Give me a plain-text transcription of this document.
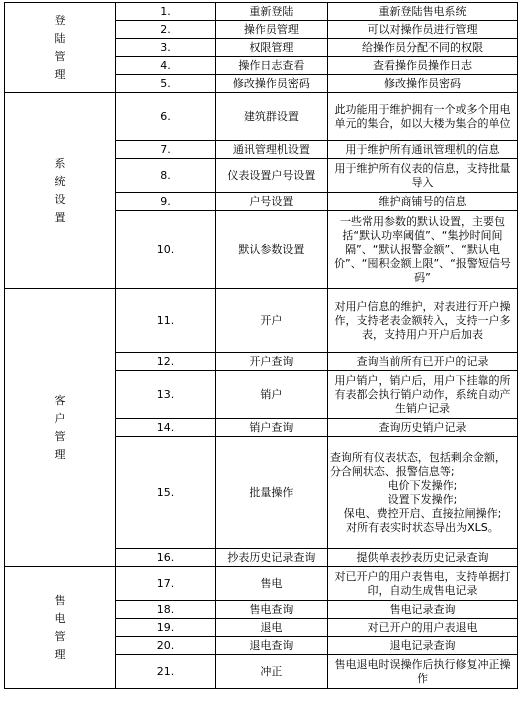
登陆管理	1.	重新登陆	重新登陆售电系统
	2.	操作员管理	可以对操作员进行管理
	3.	权限管理	给操作员分配不同的权限
	4.	操作日志查看	查看操作员操作日志
	5.	修改操作员密码	修改操作员密码
系统设置	6.	建筑群设置	此功能用于维护拥有一个或多个用电单元的集合，如以大楼为集合的单位
	7.	通讯管理机设置	用于维护所有通讯管理机的信息
	8.	仪表设置户号设置	用于维护所有仪表的信息，支持批量导入
	9.	户号设置	维护商铺号的信息
	10.	默认参数设置	一些常用参数的默认设置，主要包括“默认功率阈值”、“集抄时间间隔”、“默认报警金额”、“默认电价”、“囤积金额上限”、“报警短信号码”
客户管理	11.	开户	对用户信息的维护，对表进行开户操作，支持老表金额转入，支持一户多表，支持用户开户后加表
	12.	开户查询	查询当前所有已开户的记录
	13.	销户	用户销户，销户后，用户下挂靠的所有表都会执行销户动作，系统自动产生销户记录
	14.	销户查询	查询历史销户记录
	15.	批量操作	查询所有仪表状态，包括剩余金额，分合闸状态、报警信息等;
电价下发操作;
设置下发操作;
保电、费控开启、直接拉闸操作;
对所有表实时状态导出为XLS。

	16.	抄表历史记录查询	提供单表抄表历史记录查询
售电管理	17.	售电	对已开户的用户表售电，支持单据打印，自动生成售电记录
	18.	售电查询	售电记录查询
	19.	退电	对已开户的用户表退电
	20.	退电查询	退电记录查询
	21.	冲正	售电退电时误操作后执行修复冲正操作
